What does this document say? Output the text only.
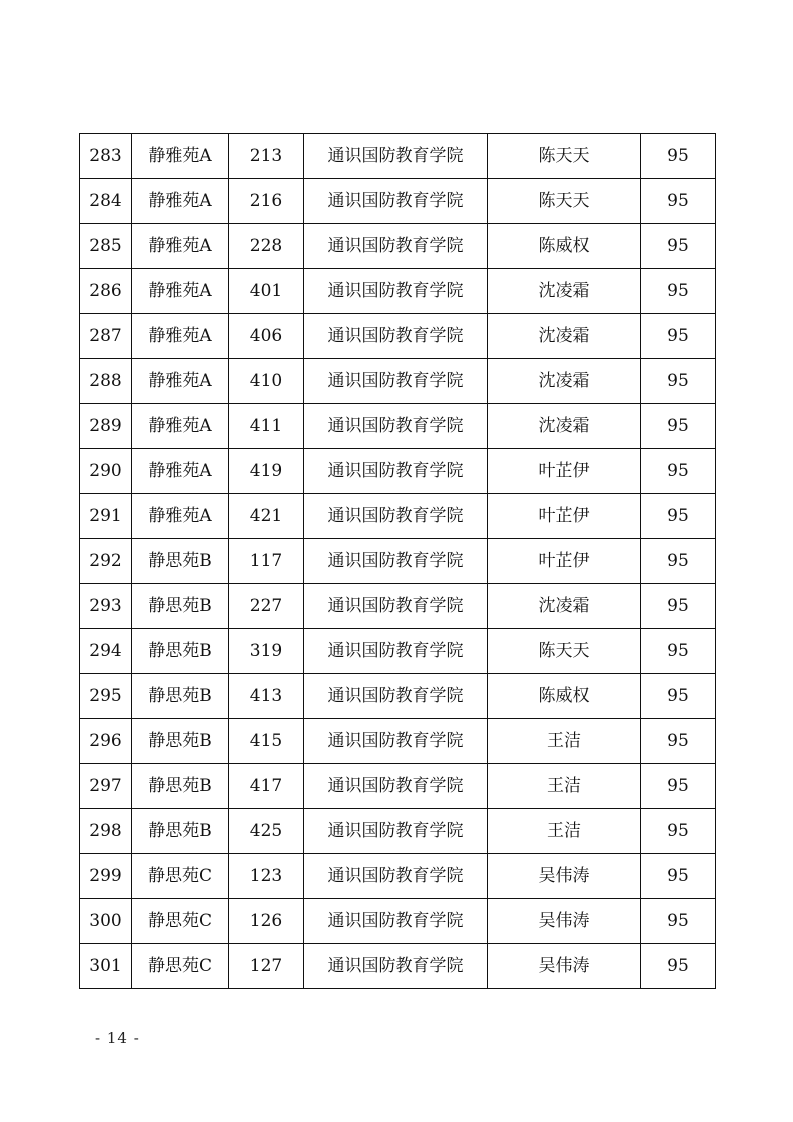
283	静雅苑A	213	通识国防教育学院	陈天天	95
284	静雅苑A	216	通识国防教育学院	陈天天	95
285	静雅苑A	228	通识国防教育学院	陈威权	95
286	静雅苑A	401	通识国防教育学院	沈凌霜	95
287	静雅苑A	406	通识国防教育学院	沈凌霜	95
288	静雅苑A	410	通识国防教育学院	沈凌霜	95
289	静雅苑A	411	通识国防教育学院	沈凌霜	95
290	静雅苑A	419	通识国防教育学院	叶芷伊	95
291	静雅苑A	421	通识国防教育学院	叶芷伊	95
292	静思苑B	117	通识国防教育学院	叶芷伊	95
293	静思苑B	227	通识国防教育学院	沈凌霜	95
294	静思苑B	319	通识国防教育学院	陈天天	95
295	静思苑B	413	通识国防教育学院	陈威权	95
296	静思苑B	415	通识国防教育学院	王洁	95
297	静思苑B	417	通识国防教育学院	王洁	95
298	静思苑B	425	通识国防教育学院	王洁	95
299	静思苑C	123	通识国防教育学院	吴伟涛	95
300	静思苑C	126	通识国防教育学院	吴伟涛	95
301	静思苑C	127	通识国防教育学院	吴伟涛	95
- 14 -
